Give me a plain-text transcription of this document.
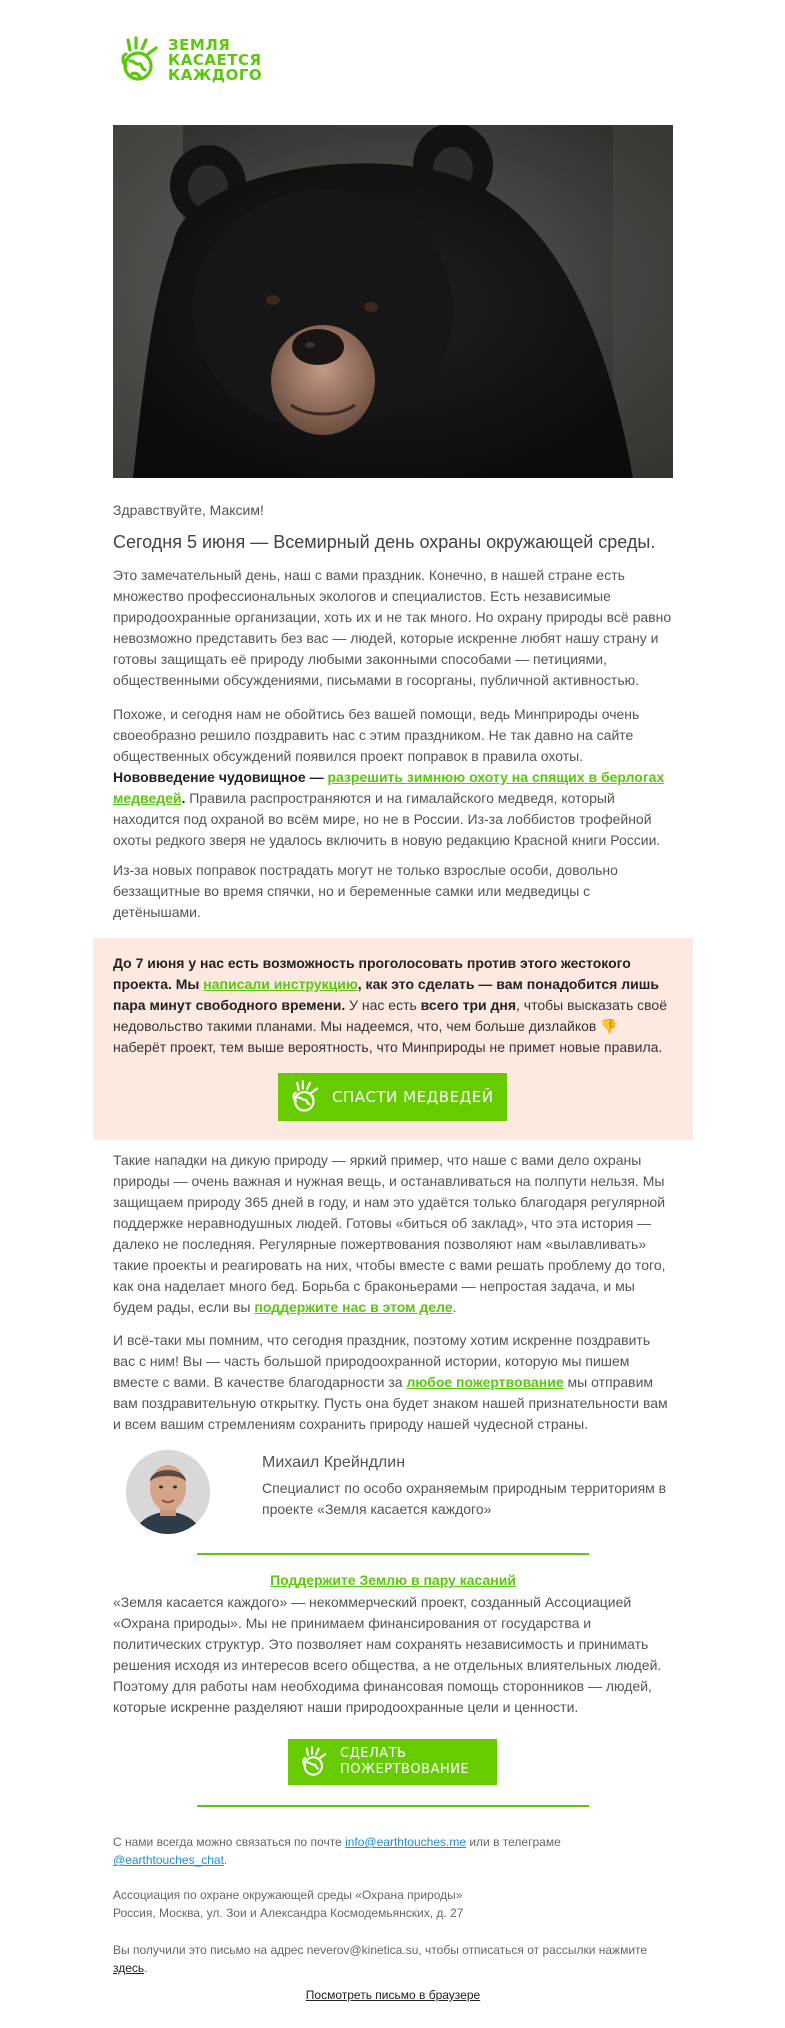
ЗЕМЛЯ
КАСАЕТСЯ
КАЖДОГО

Здравствуйте, Максим!

Сегодня 5 июня — Всемирный день охраны окружающей среды.

Это замечательный день, наш с вами праздник. Конечно, в нашей стране есть множество профессиональных экологов и специалистов. Есть независимые природоохранные организации, хоть их и не так много. Но охрану природы всё равно невозможно представить без вас — людей, которые искренне любят нашу страну и готовы защищать её природу любыми законными способами — петициями, общественными обсуждениями, письмами в госорганы, публичной активностью.

Похоже, и сегодня нам не обойтись без вашей помощи, ведь Минприроды очень своеобразно решило поздравить нас с этим праздником. Не так давно на сайте общественных обсуждений появился проект поправок в правила охоты. Нововведение чудовищное — разрешить зимнюю охоту на спящих в берлогах медведей. Правила распространяются и на гималайского медведя, который находится под охраной во всём мире, но не в России. Из-за лоббистов трофейной охоты редкого зверя не удалось включить в новую редакцию Красной книги России.

Из-за новых поправок пострадать могут не только взрослые особи, довольно беззащитные во время спячки, но и беременные самки или медведицы с детёнышами.

До 7 июня у нас есть возможность проголосовать против этого жестокого проекта. Мы написали инструкцию, как это сделать — вам понадобится лишь пара минут свободного времени. У нас есть всего три дня, чтобы высказать своё недовольство такими планами. Мы надеемся, что, чем больше дизлайков 👎 наберёт проект, тем выше вероятность, что Минприроды не примет новые правила.

СПАСТИ МЕДВЕДЕЙ

Такие нападки на дикую природу — яркий пример, что наше с вами дело охраны природы — очень важная и нужная вещь, и останавливаться на полпути нельзя. Мы защищаем природу 365 дней в году, и нам это удаётся только благодаря регулярной поддержке неравнодушных людей. Готовы «биться об заклад», что эта история — далеко не последняя. Регулярные пожертвования позволяют нам «вылавливать» такие проекты и реагировать на них, чтобы вместе с вами решать проблему до того, как она наделает много бед. Борьба с браконьерами — непростая задача, и мы будем рады, если вы поддержите нас в этом деле.

И всё-таки мы помним, что сегодня праздник, поэтому хотим искренне поздравить вас с ним! Вы — часть большой природоохранной истории, которую мы пишем вместе с вами. В качестве благодарности за любое пожертвование мы отправим вам поздравительную открытку. Пусть она будет знаком нашей признательности вам и всем вашим стремлениям сохранить природу нашей чудесной страны.

Михаил Крейндлин
Специалист по особо охраняемым природным территориям в проекте «Земля касается каждого»
Поддержите Землю в пару касаний

«Земля касается каждого» — некоммерческий проект, созданный Ассоциацией «Охрана природы». Мы не принимаем финансирования от государства и политических структур. Это позволяет нам сохранять независимость и принимать решения исходя из интересов всего общества, а не отдельных влиятельных людей. Поэтому для работы нам необходима финансовая помощь сторонников — людей, которые искренне разделяют наши природоохранные цели и ценности.

СДЕЛАТЬ
ПОЖЕРТВОВАНИЕ
С нами всегда можно связаться по почте info@earthtouches.me или в телеграме @earthtouches_chat.
Ассоциация по охране окружающей среды «Охрана природы»
Россия, Москва, ул. Зои и Александра Космодемьянских, д. 27
Вы получили это письмо на адрес neverov@kinetica.su, чтобы отписаться от рассылки нажмите здесь.
Посмотреть письмо в браузере
